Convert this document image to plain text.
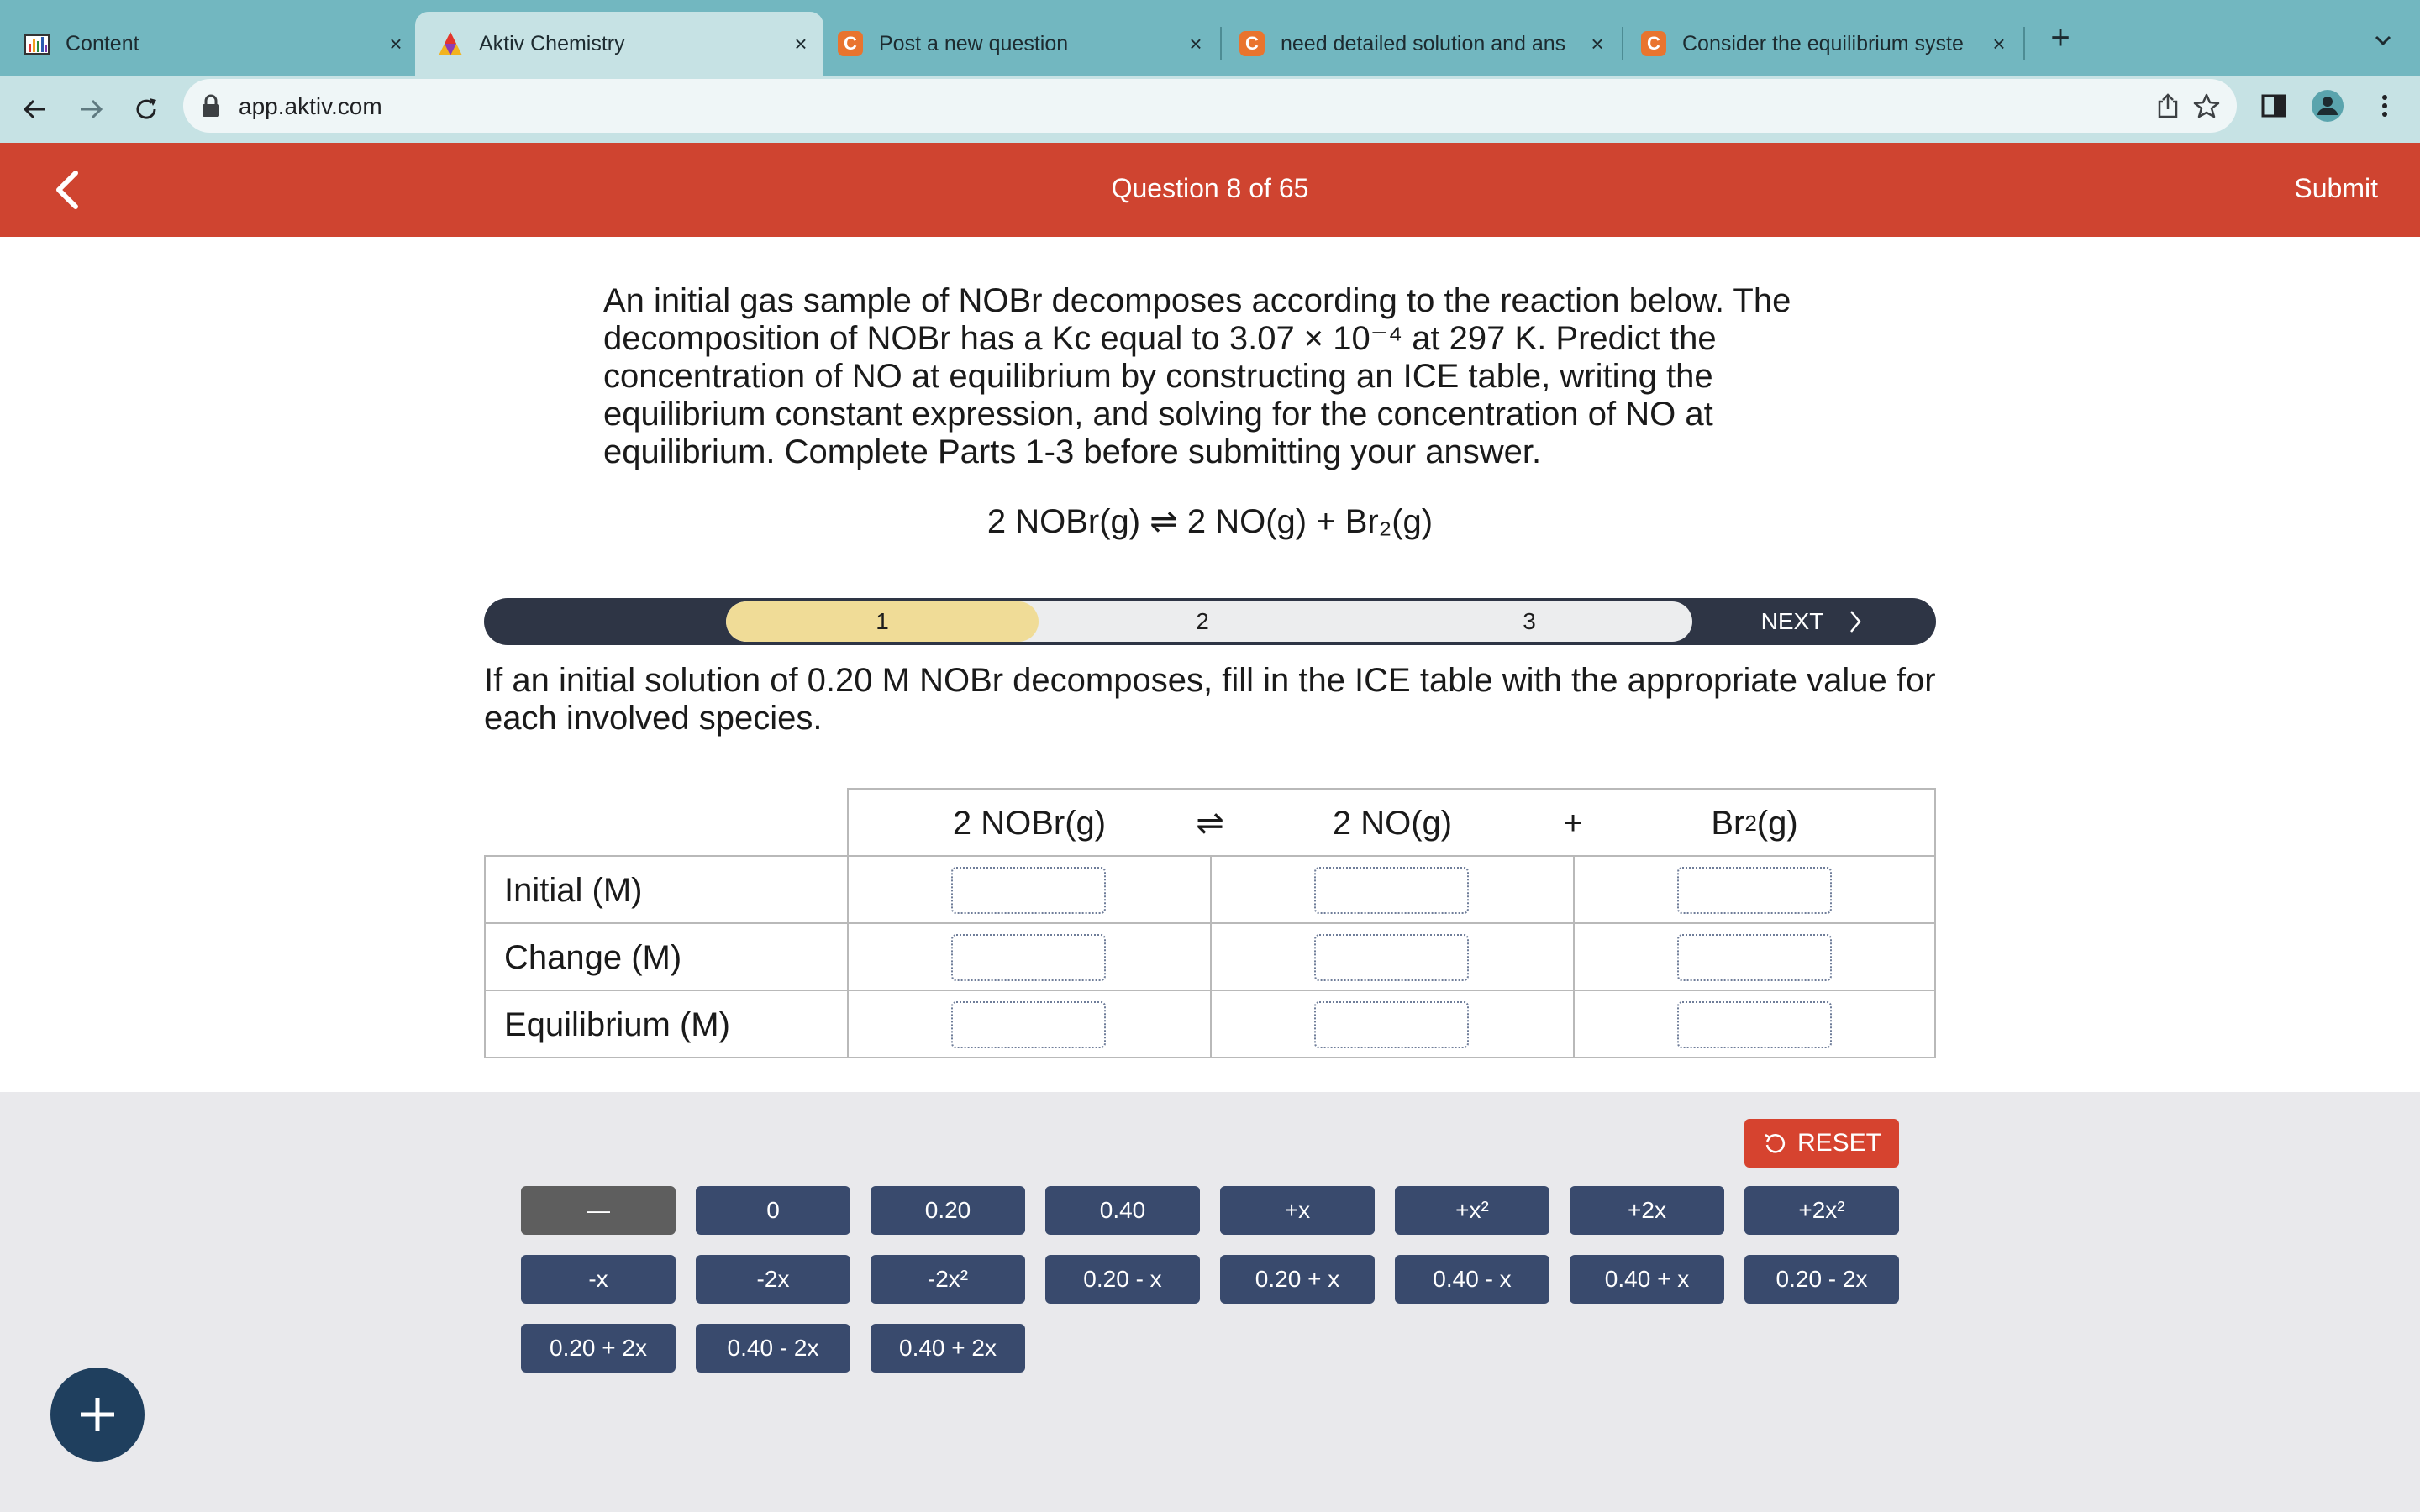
Content	×	Aktiv Chemistry	×	C Post a new question	×	C need detailed solution and ans	×	C Consider the equilibrium syste	× +
app.aktiv.com
Question 8 of 65	Submit
An initial gas sample of NOBr decomposes according to the reaction below. The decomposition of NOBr has a Kc equal to 3.07 × 10⁻⁴ at 297 K. Predict the concentration of NO at equilibrium by constructing an ICE table, writing the equilibrium constant expression, and solving for the concentration of NO at equilibrium. Complete Parts 1-3 before submitting your answer.
2 NOBr(g) ⇌ 2 NO(g) + Br₂(g)
1	2	3	NEXT
If an initial solution of 0.20 M NOBr decomposes, fill in the ICE table with the appropriate value for each involved species.
2 NOBr(g)	⇌	2 NO(g)	+	Br 2 (g)
Initial (M)
Change (M)
Equilibrium (M)
RESET
—	0	0.20	0.40	+x	+x²	+2x	+2x²
-x	-2x	-2x²	0.20 - x	0.20 + x	0.40 - x	0.40 + x	0.20 - 2x
0.20 + 2x	0.40 - 2x	0.40 + 2x
